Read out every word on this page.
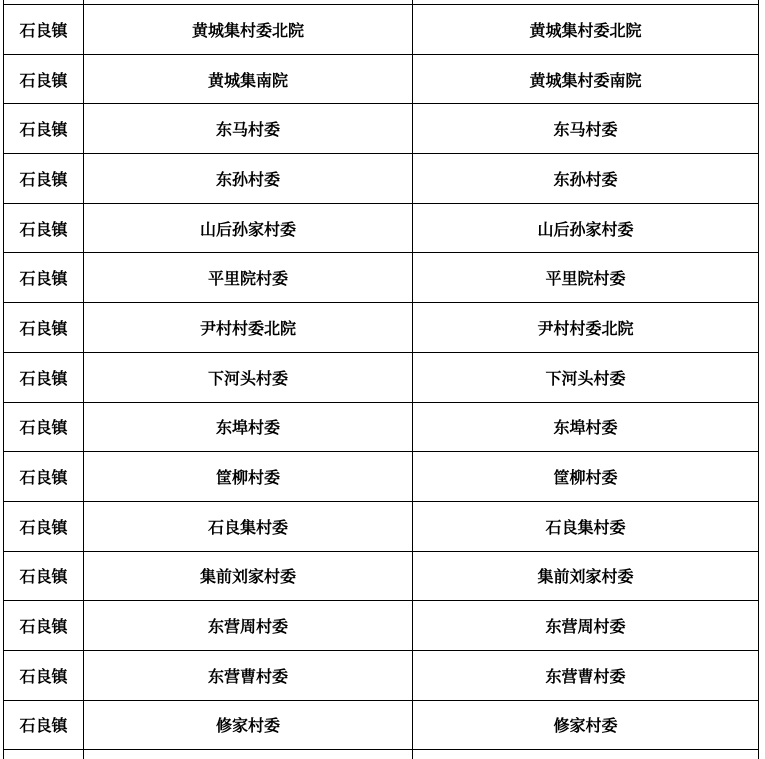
石良镇	黄城集村委北院	黄城集村委北院
石良镇	黄城集南院	黄城集村委南院
石良镇	东马村委	东马村委
石良镇	东孙村委	东孙村委
石良镇	山后孙家村委	山后孙家村委
石良镇	平里院村委	平里院村委
石良镇	尹村村委北院	尹村村委北院
石良镇	下河头村委	下河头村委
石良镇	东埠村委	东埠村委
石良镇	筐柳村委	筐柳村委
石良镇	石良集村委	石良集村委
石良镇	集前刘家村委	集前刘家村委
石良镇	东营周村委	东营周村委
石良镇	东营曹村委	东营曹村委
石良镇	修家村委	修家村委
